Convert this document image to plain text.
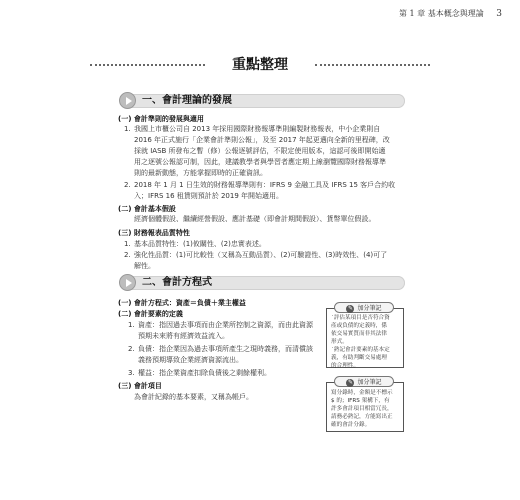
第 1 章 基本概念與理論 3
重點整理
一、會計理論的發展
(一) 會計準則的發展與適用
1. 我國上市櫃公司自 2013 年採用國際財務報導準則編製財務報表，中小企業則自
2016 年正式施行「企業會計準則公報」，及至 2017 年起更邁向全新的里程碑，改
採就 IASB 所發布之暫（修）公報逐號評估，不限定使用版本，這認可後即開始適
用之逐號公報認可制，因此，建議教學者與學習者應定期上線瀏覽國際財務報導準
則的最新動態，方能掌握即時的正確資訊。
2. 2018 年 1 月 1 日生效的財務報導準則有：IFRS 9 金融工具及 IFRS 15 客戶合約收
入；IFRS 16 租賃則預計於 2019 年開始適用。
(二) 會計基本假設
經濟個體假設、繼續經營假設、應計基礎（即會計期間假設）、貨幣單位假設。
(三) 財務報表品質特性
1. 基本品質特性：(1)攸關性、(2)忠實表述。
2. 強化性品質：(1)可比較性（又稱為互動品質）、(2)可驗證性、(3)時效性、(4)可了
解性。
二、會計方程式
(一) 會計方程式：資產＝負債＋業主權益
(二) 會計要素的定義
1. 資產：指因過去事項而由企業所控制之資源，而由此資源
預期未來將有經濟效益流入。
2. 負債：指企業因為過去事項所產生之現時義務，而清償該
義務預期導致企業經濟資源流出。
3. 權益：指企業資產扣除負債後之剩餘權利。
(三) 會計項目
為會計紀錄的基本要素，又稱為帳戶。
✎ 加分筆記
˙評估某項目是否符合資
產或負債的定義時，係
依交易實質而非其法律
形式。
˙熟記會計要素的基本定
義，有助判斷交易處理
的合理性。
✎ 加分筆記
寫分錄時，金額是不標示
$ 的；IFRS 架構下，有
許多會計項目相當冗長，
請務必熟記，方能寫出正
確的會計分錄。
